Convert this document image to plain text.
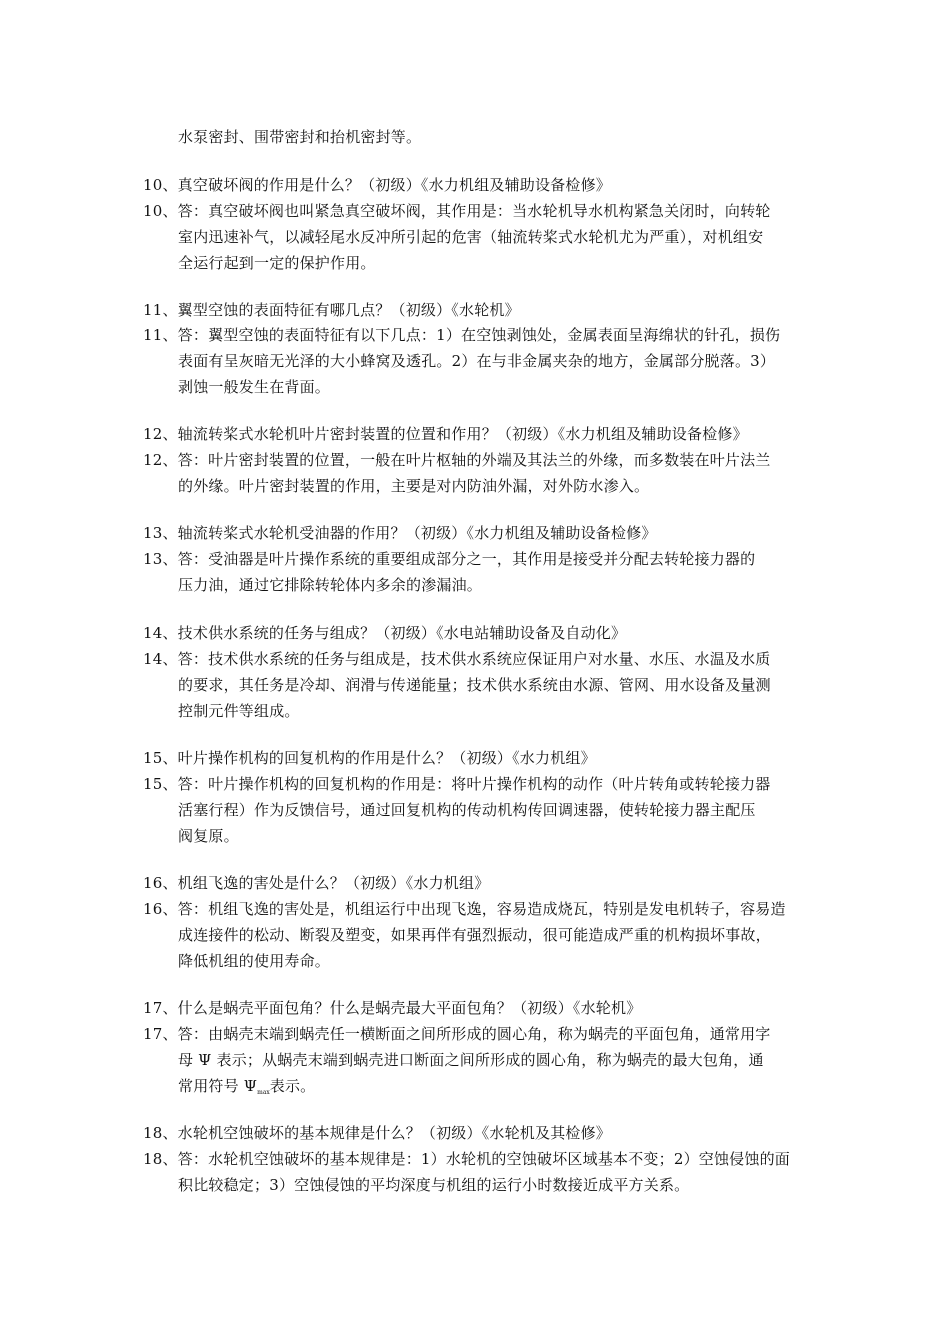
水泵密封、围带密封和抬机密封等。
10、真空破坏阀的作用是什么？（初级）《水力机组及辅助设备检修》
10、答：真空破坏阀也叫紧急真空破坏阀，其作用是：当水轮机导水机构紧急关闭时，向转轮
室内迅速补气，以减轻尾水反冲所引起的危害（轴流转桨式水轮机尤为严重），对机组安
全运行起到一定的保护作用。
11、翼型空蚀的表面特征有哪几点？（初级）《水轮机》
11、答：翼型空蚀的表面特征有以下几点：1）在空蚀剥蚀处，金属表面呈海绵状的针孔，损伤
表面有呈灰暗无光泽的大小蜂窝及透孔。2）在与非金属夹杂的地方，金属部分脱落。3）
剥蚀一般发生在背面。
12、轴流转桨式水轮机叶片密封装置的位置和作用？（初级）《水力机组及辅助设备检修》
12、答：叶片密封装置的位置，一般在叶片枢轴的外端及其法兰的外缘，而多数装在叶片法兰
的外缘。叶片密封装置的作用，主要是对内防油外漏，对外防水渗入。
13、轴流转桨式水轮机受油器的作用？（初级）《水力机组及辅助设备检修》
13、答：受油器是叶片操作系统的重要组成部分之一，其作用是接受并分配去转轮接力器的
压力油，通过它排除转轮体内多余的渗漏油。
14、技术供水系统的任务与组成？（初级）《水电站辅助设备及自动化》
14、答：技术供水系统的任务与组成是，技术供水系统应保证用户对水量、水压、水温及水质
的要求，其任务是冷却、润滑与传递能量；技术供水系统由水源、管网、用水设备及量测
控制元件等组成。
15、叶片操作机构的回复机构的作用是什么？（初级）《水力机组》
15、答：叶片操作机构的回复机构的作用是：将叶片操作机构的动作（叶片转角或转轮接力器
活塞行程）作为反馈信号，通过回复机构的传动机构传回调速器，使转轮接力器主配压
阀复原。
16、机组飞逸的害处是什么？（初级）《水力机组》
16、答：机组飞逸的害处是，机组运行中出现飞逸，容易造成烧瓦，特别是发电机转子，容易造
成连接件的松动、断裂及塑变，如果再伴有强烈振动，很可能造成严重的机构损坏事故，
降低机组的使用寿命。
17、什么是蜗壳平面包角？什么是蜗壳最大平面包角？（初级）《水轮机》
17、答：由蜗壳末端到蜗壳任一横断面之间所形成的圆心角，称为蜗壳的平面包角，通常用字
母 Ψ 表示；从蜗壳末端到蜗壳进口断面之间所形成的圆心角，称为蜗壳的最大包角，通
常用符号 $\Psi_{max}$表示。
18、水轮机空蚀破坏的基本规律是什么？（初级）《水轮机及其检修》
18、答：水轮机空蚀破坏的基本规律是：1）水轮机的空蚀破坏区域基本不变；2）空蚀侵蚀的面
积比较稳定；3）空蚀侵蚀的平均深度与机组的运行小时数接近成平方关系。
